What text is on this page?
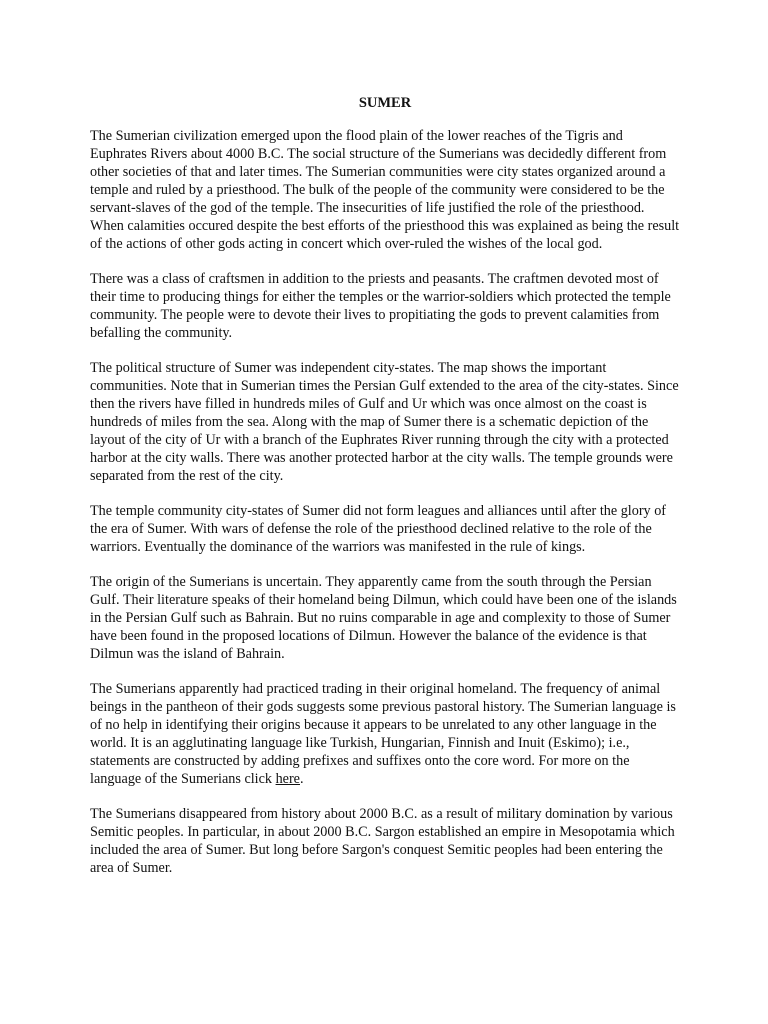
SUMER

The Sumerian civilization emerged upon the flood plain of the lower reaches of the Tigris and Euphrates Rivers about 4000 B.C. The social structure of the Sumerians was decidedly different from other societies of that and later times. The Sumerian communities were city states organized around a temple and ruled by a priesthood. The bulk of the people of the community were considered to be the servant-slaves of the god of the temple. The insecurities of life justified the role of the priesthood. When calamities occured despite the best efforts of the priesthood this was explained as being the result of the actions of other gods acting in concert which over-ruled the wishes of the local god.

There was a class of craftsmen in addition to the priests and peasants. The craftmen devoted most of their time to producing things for either the temples or the warrior-soldiers which protected the temple community. The people were to devote their lives to propitiating the gods to prevent calamities from befalling the community.

The political structure of Sumer was independent city-states. The map shows the important communities. Note that in Sumerian times the Persian Gulf extended to the area of the city-states. Since then the rivers have filled in hundreds miles of Gulf and Ur which was once almost on the coast is hundreds of miles from the sea. Along with the map of Sumer there is a schematic depiction of the layout of the city of Ur with a branch of the Euphrates River running through the city with a protected harbor at the city walls. There was another protected harbor at the city walls. The temple grounds were separated from the rest of the city.

The temple community city-states of Sumer did not form leagues and alliances until after the glory of the era of Sumer. With wars of defense the role of the priesthood declined relative to the role of the warriors. Eventually the dominance of the warriors was manifested in the rule of kings.

The origin of the Sumerians is uncertain. They apparently came from the south through the Persian Gulf. Their literature speaks of their homeland being Dilmun, which could have been one of the islands in the Persian Gulf such as Bahrain. But no ruins comparable in age and complexity to those of Sumer have been found in the proposed locations of Dilmun. However the balance of the evidence is that Dilmun was the island of Bahrain.

The Sumerians apparently had practiced trading in their original homeland. The frequency of animal beings in the pantheon of their gods suggests some previous pastoral history. The Sumerian language is of no help in identifying their origins because it appears to be unrelated to any other language in the world. It is an agglutinating language like Turkish, Hungarian, Finnish and Inuit (Eskimo); i.e., statements are constructed by adding prefixes and suffixes onto the core word. For more on the language of the Sumerians click here.

The Sumerians disappeared from history about 2000 B.C. as a result of military domination by various Semitic peoples. In particular, in about 2000 B.C. Sargon established an empire in Mesopotamia which included the area of Sumer. But long before Sargon's conquest Semitic peoples had been entering the area of Sumer.
